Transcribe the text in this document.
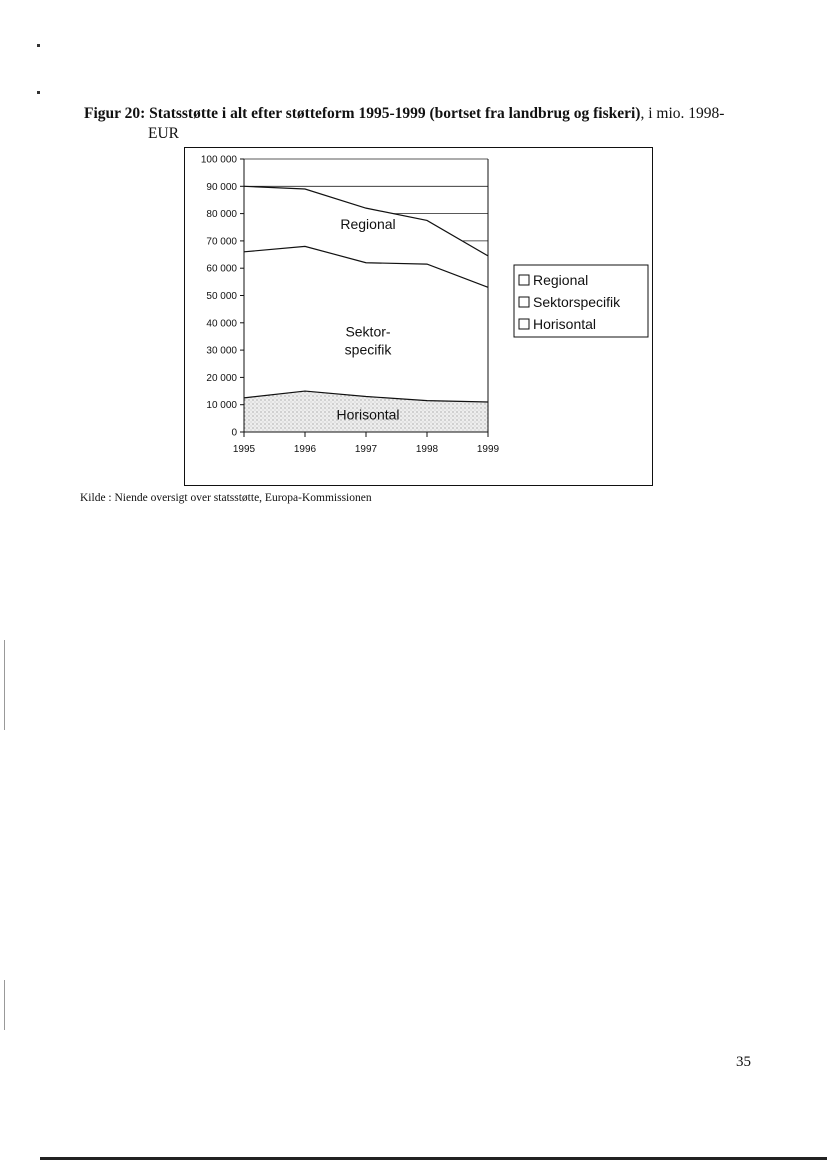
Figur 20: Statsstøtte i alt efter støtteform 1995-1999 (bortset fra landbrug og fiskeri), i mio. 1998-
EUR
100 000
90 000
80 000
70 000
60 000
50 000
40 000
30 000
20 000
10 000
0
1995	1996	1997	1998	1999
Regional
Sektor-
specifik
Horisontal
Regional
Sektorspecifik
Horisontal
Kilde : Niende oversigt over statsstøtte, Europa-Kommissionen
35
